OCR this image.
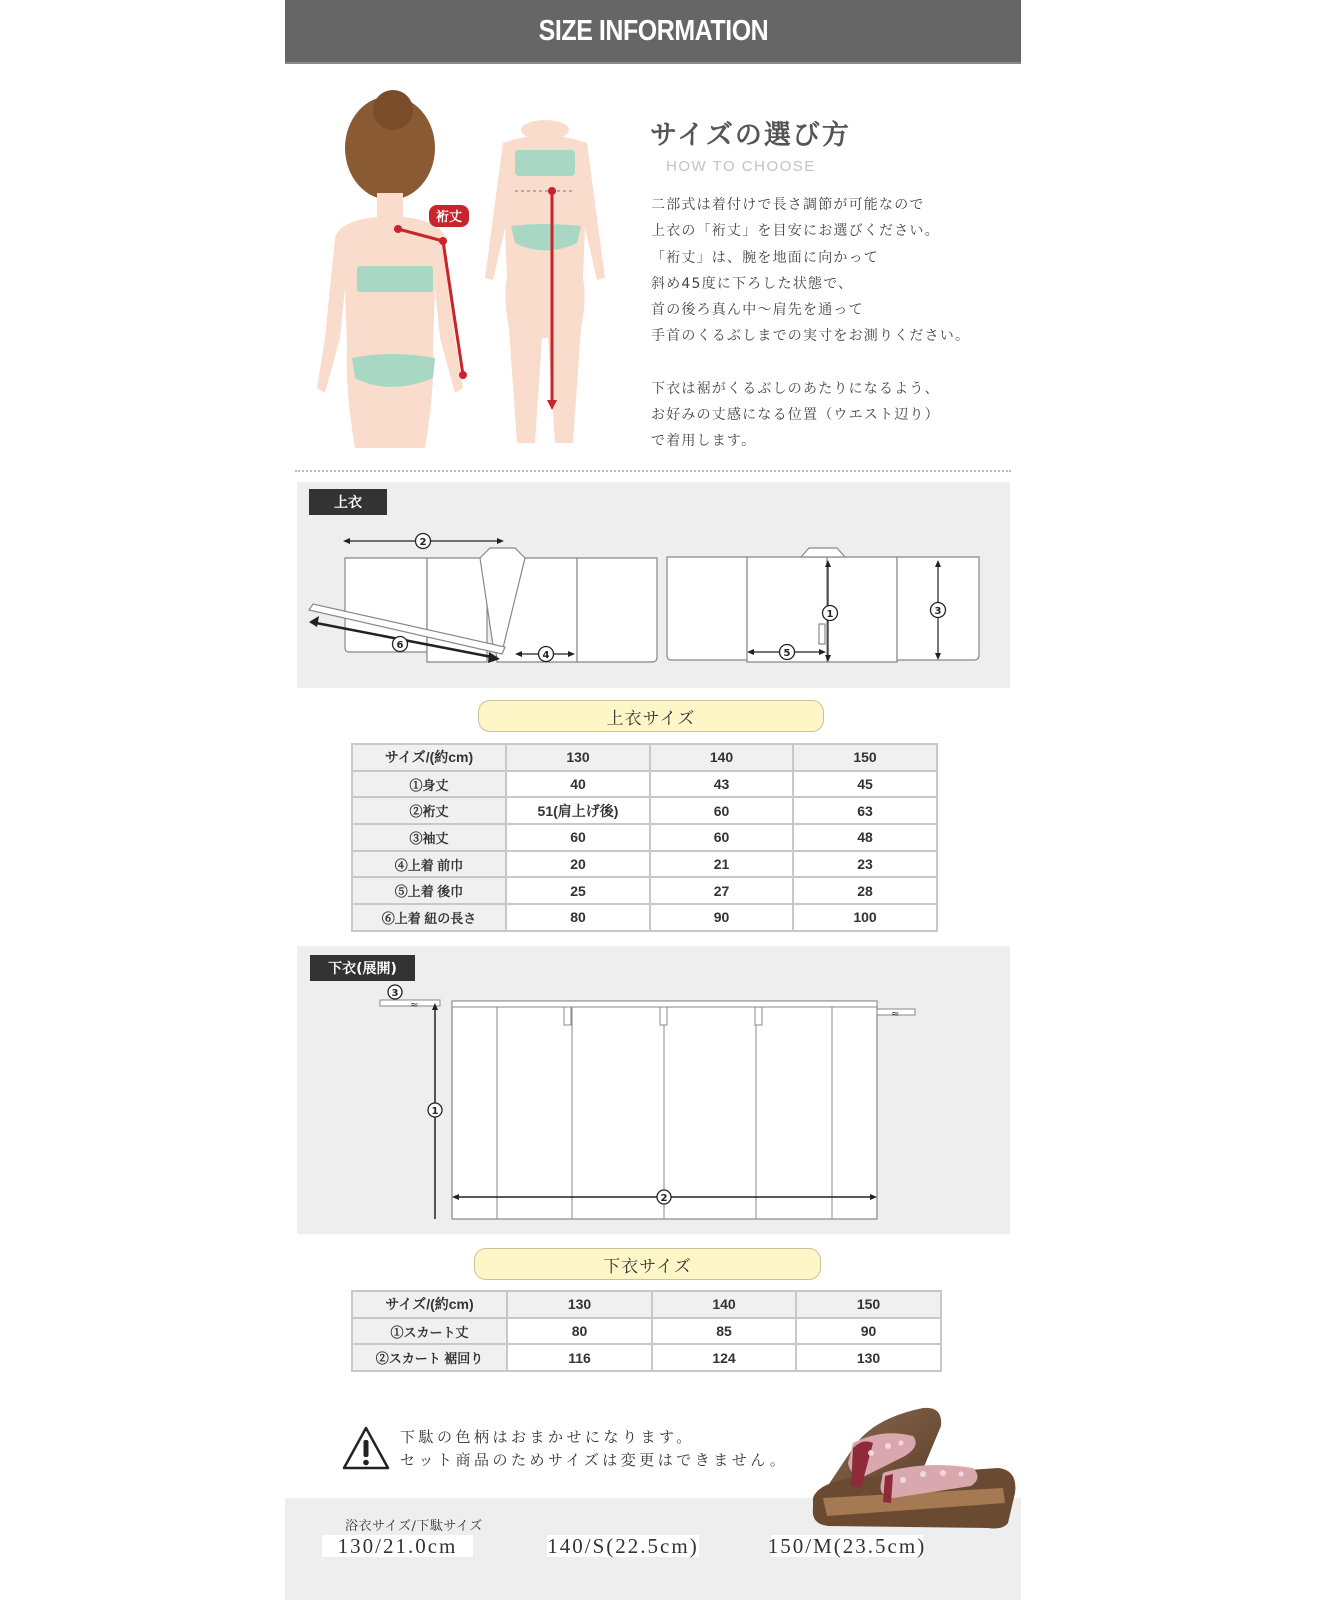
SIZE INFORMATION
裄丈
サイズの選び方
HOW TO CHOOSE

二部式は着付けで長さ調節が可能なので

上衣の「裄丈」を目安にお選びください。

「裄丈」は、腕を地面に向かって

斜め45度に下ろした状態で、

首の後ろ真ん中～肩先を通って

手首のくるぶしまでの実寸をお測りください。

下衣は裾がくるぶしのあたりになるよう、

お好みの丈感になる位置（ウエスト辺り）

で着用します。

2
6
4
1
5
3
上衣
上衣サイズ
サイズ/(約cm)	130	140	150
①身丈	40	43	45
②裄丈	51(肩上げ後)	60	63
③袖丈	60	60	48
④上着 前巾	20	21	23
⑤上着 後巾	25	27	28
⑥上着 紐の長さ	80	90	100
≈
≈
3
1
2
下衣(展開)
下衣サイズ
サイズ/(約cm)	130	140	150
①スカート丈	80	85	90
②スカート 裾回り	116	124	130

下駄の色柄はおまかせになります。

セット商品のためサイズは変更はできません。

浴衣サイズ/下駄サイズ
130/21.0cm	140/S(22.5cm)	150/M(23.5cm)
